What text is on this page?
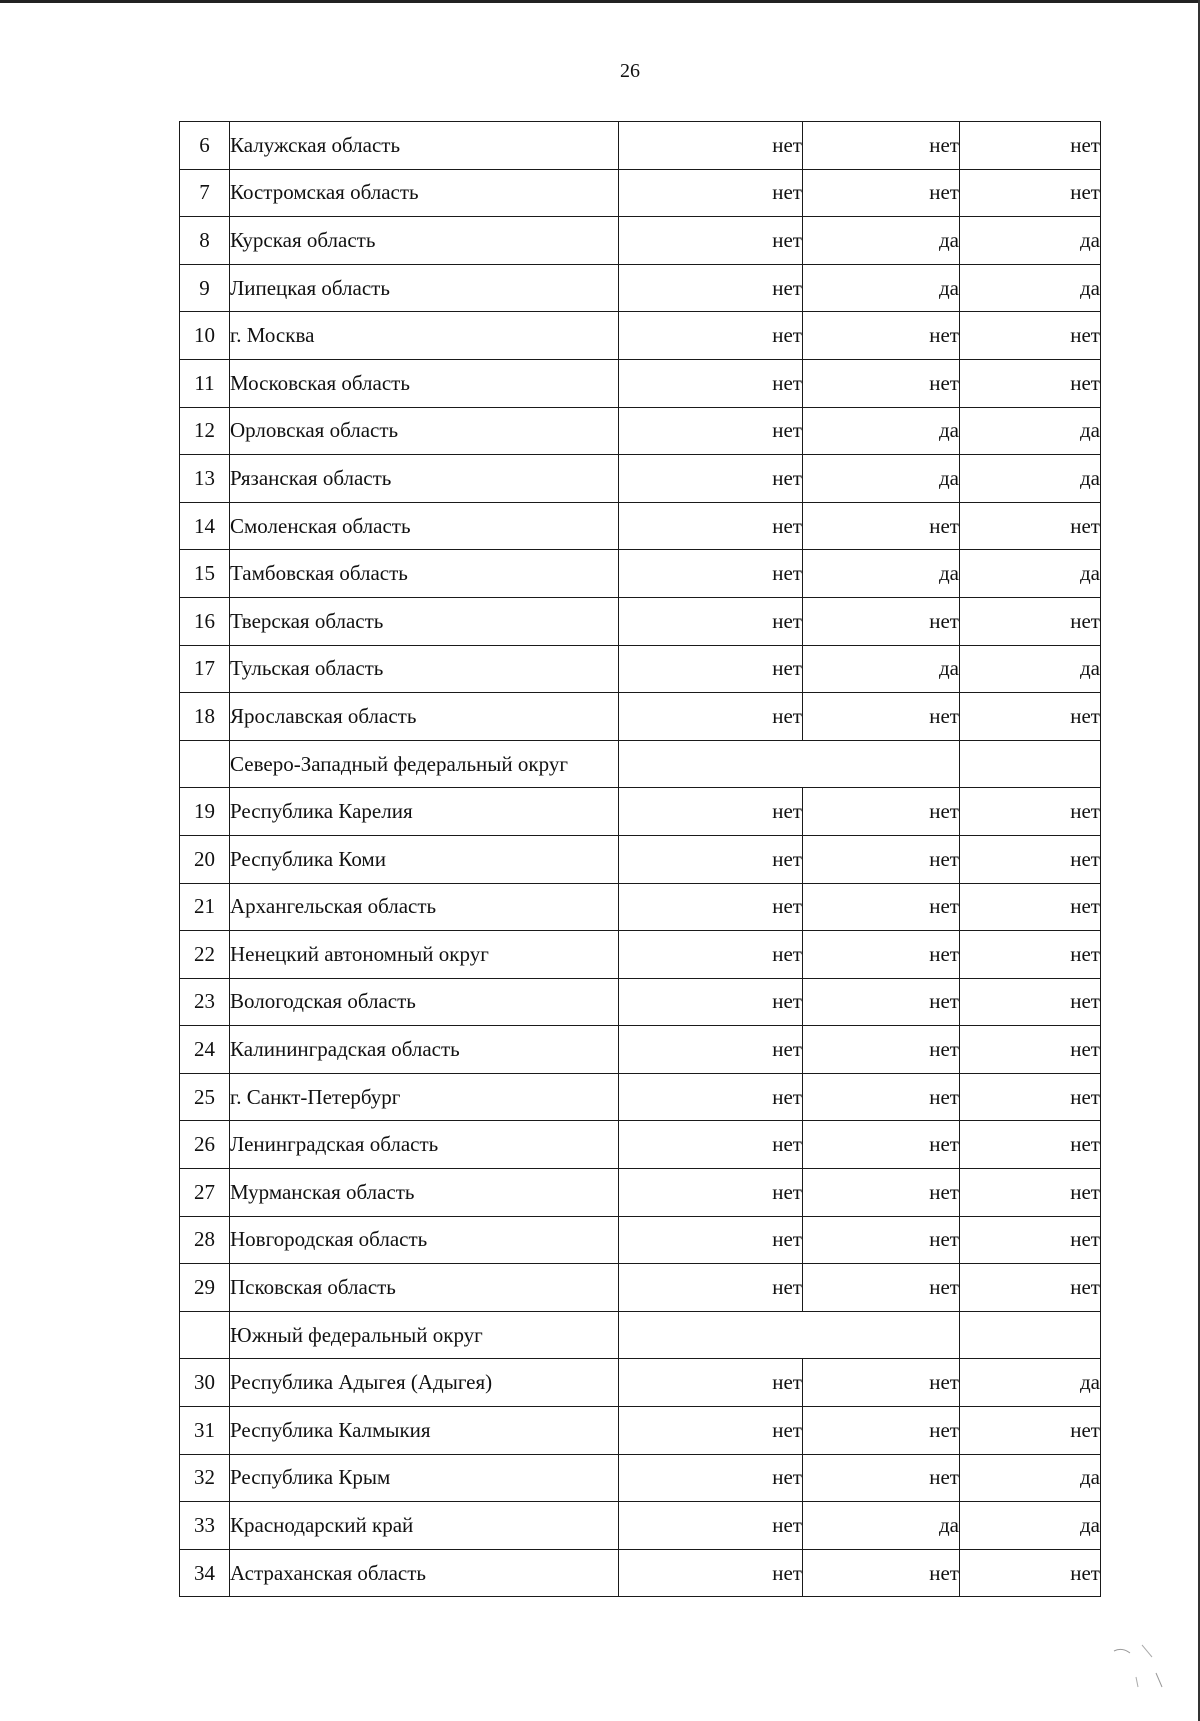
26
6	Калужская область	нет	нет	нет
7	Костромская область	нет	нет	нет
8	Курская область	нет	да	да
9	Липецкая область	нет	да	да
10	г. Москва	нет	нет	нет
11	Московская область	нет	нет	нет
12	Орловская область	нет	да	да
13	Рязанская область	нет	да	да
14	Смоленская область	нет	нет	нет
15	Тамбовская область	нет	да	да
16	Тверская область	нет	нет	нет
17	Тульская область	нет	да	да
18	Ярославская область	нет	нет	нет
	Северо-Западный федеральный округ			
19	Республика Карелия	нет	нет	нет
20	Республика Коми	нет	нет	нет
21	Архангельская область	нет	нет	нет
22	Ненецкий автономный округ	нет	нет	нет
23	Вологодская область	нет	нет	нет
24	Калининградская область	нет	нет	нет
25	г. Санкт-Петербург	нет	нет	нет
26	Ленинградская область	нет	нет	нет
27	Мурманская область	нет	нет	нет
28	Новгородская область	нет	нет	нет
29	Псковская область	нет	нет	нет
	Южный федеральный округ			
30	Республика Адыгея (Адыгея)	нет	нет	да
31	Республика Калмыкия	нет	нет	нет
32	Республика Крым	нет	нет	да
33	Краснодарский край	нет	да	да
34	Астраханская область	нет	нет	нет
